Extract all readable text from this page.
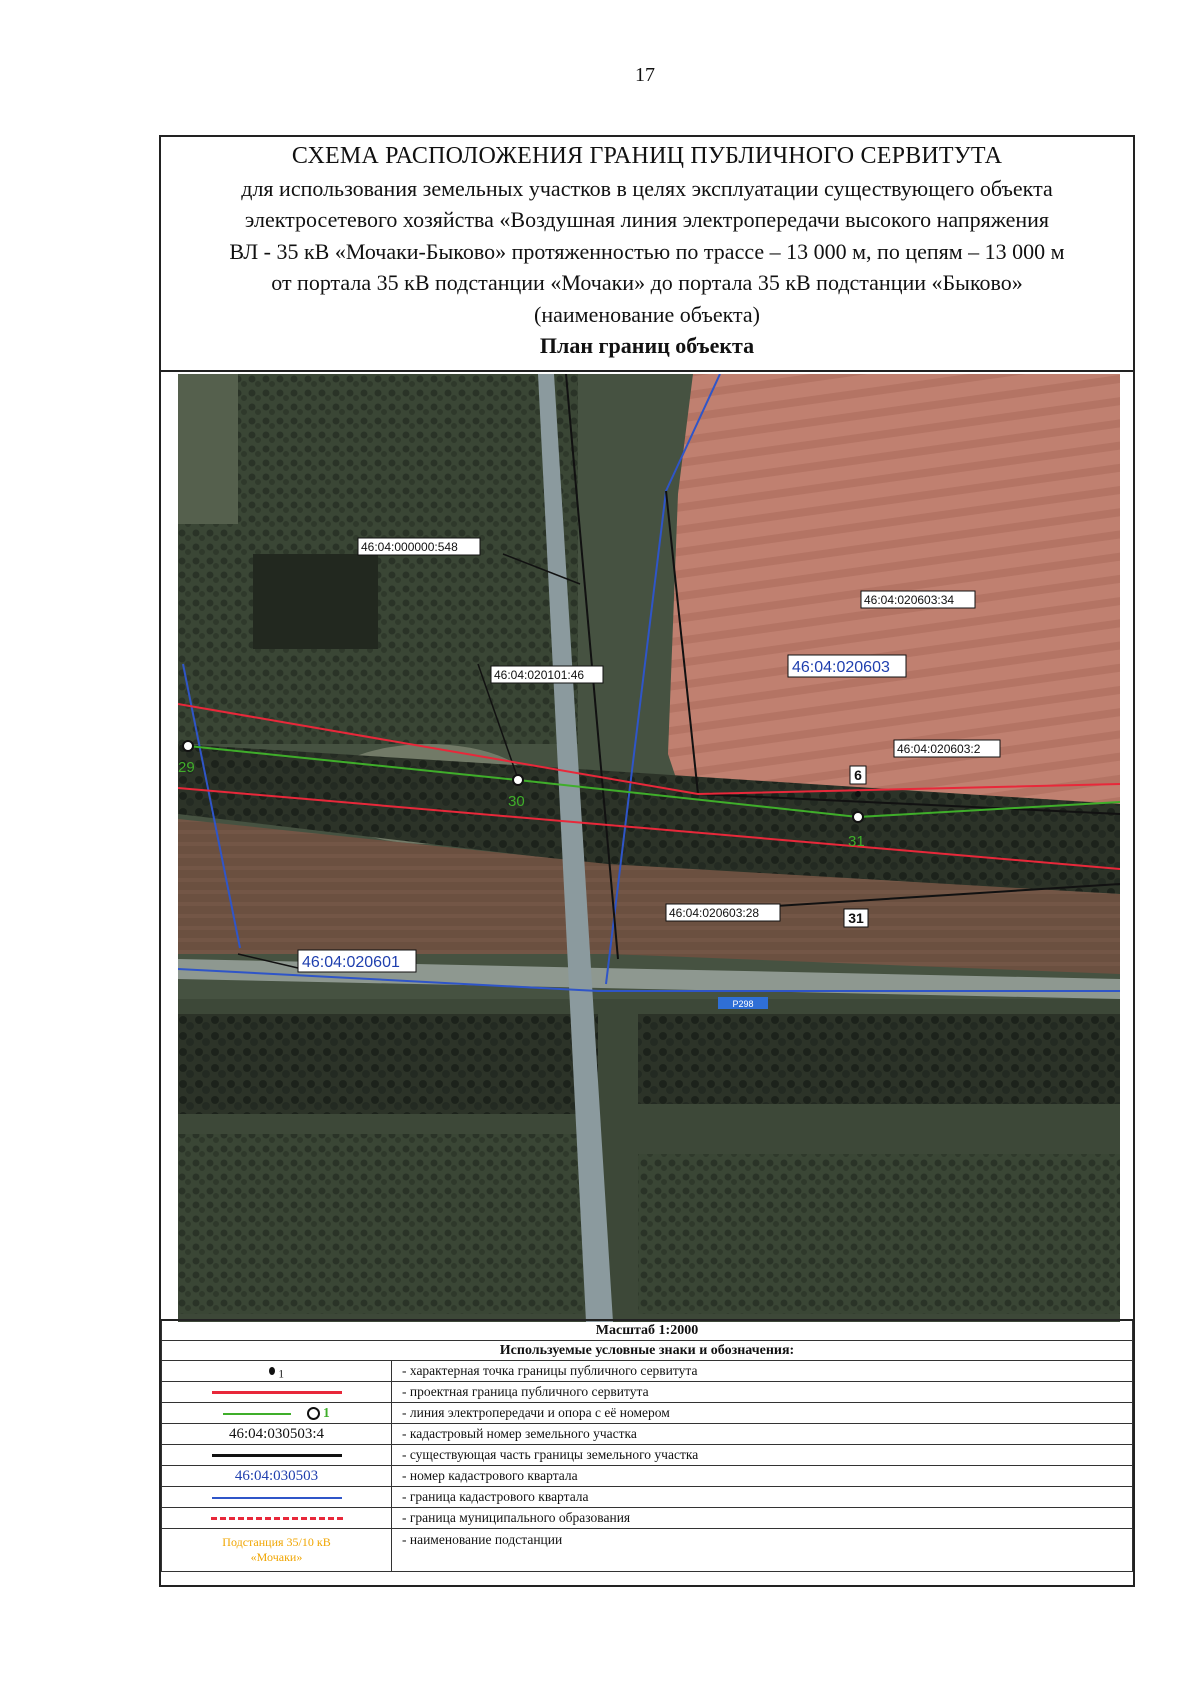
17
СХЕМА РАСПОЛОЖЕНИЯ ГРАНИЦ ПУБЛИЧНОГО СЕРВИТУТА
для использования земельных участков в целях эксплуатации существующего объекта
электросетевого хозяйства «Воздушная линия электропередачи высокого напряжения
ВЛ - 35 кВ «Мочаки-Быково» протяженностью по трассе – 13 000 м, по цепям – 13 000 м
от портала 35 кВ подстанции «Мочаки» до портала 35 кВ подстанции «Быково»
(наименование объекта)
План границ объекта
29
30
31
6
31
46:04:000000:548
46:04:020101:46
46:04:020603:34
46:04:020603:2
46:04:020603:28
46:04:020603
46:04:020601
Р298
Масштаб 1:2000	
Используемые условные знаки и обозначения:	
$_1$	- характерная точка границы публичного сервитута
	- проектная граница публичного сервитута
1	- линия электропередачи и опора с её номером
46:04:030503:4	- кадастровый номер земельного участка
	- существующая часть границы земельного участка
46:04:030503	- номер кадастрового квартала
	- граница кадастрового квартала
	- граница муниципального образования

Подстанция 35/10 кВ
«Мочаки»	- наименование подстанции
